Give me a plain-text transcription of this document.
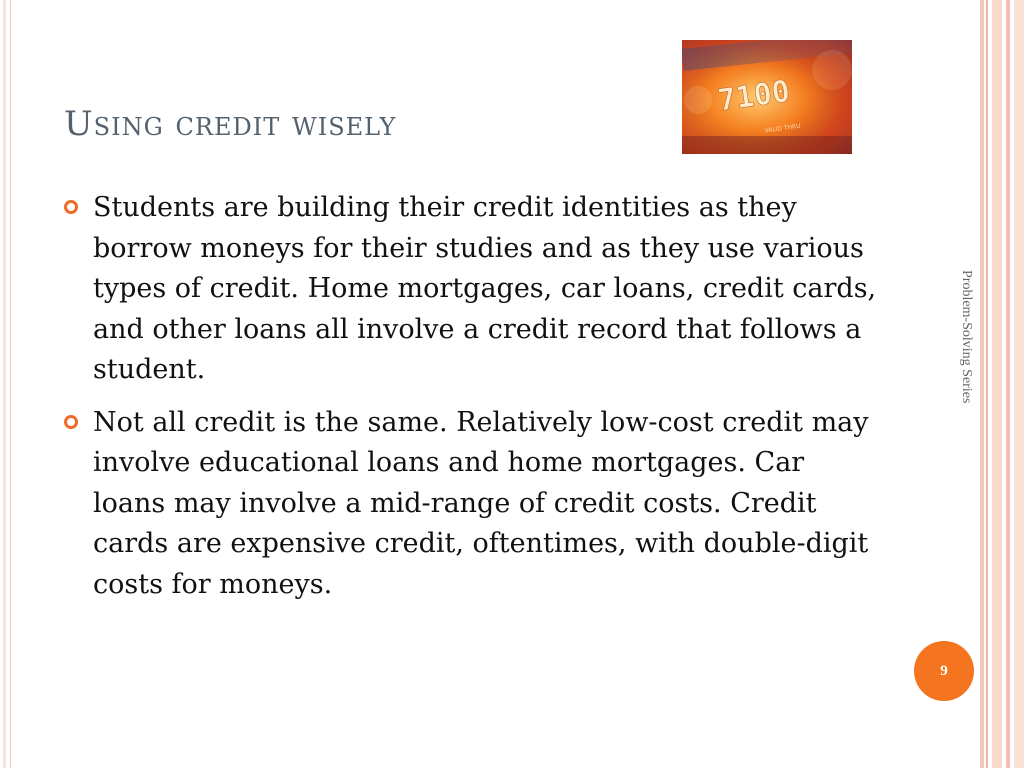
Using credit wisely
7100
VALID THRU
Students are building their credit identities as they borrow moneys for their studies and as they use various types of credit. Home mortgages, car loans, credit cards, and other loans all involve a credit record that follows a student.
Not all credit is the same. Relatively low-cost credit may involve educational loans and home mortgages. Car loans may involve a mid-range of credit costs. Credit cards are expensive credit, oftentimes, with double-digit costs for moneys.
Problem-Solving Series
9
